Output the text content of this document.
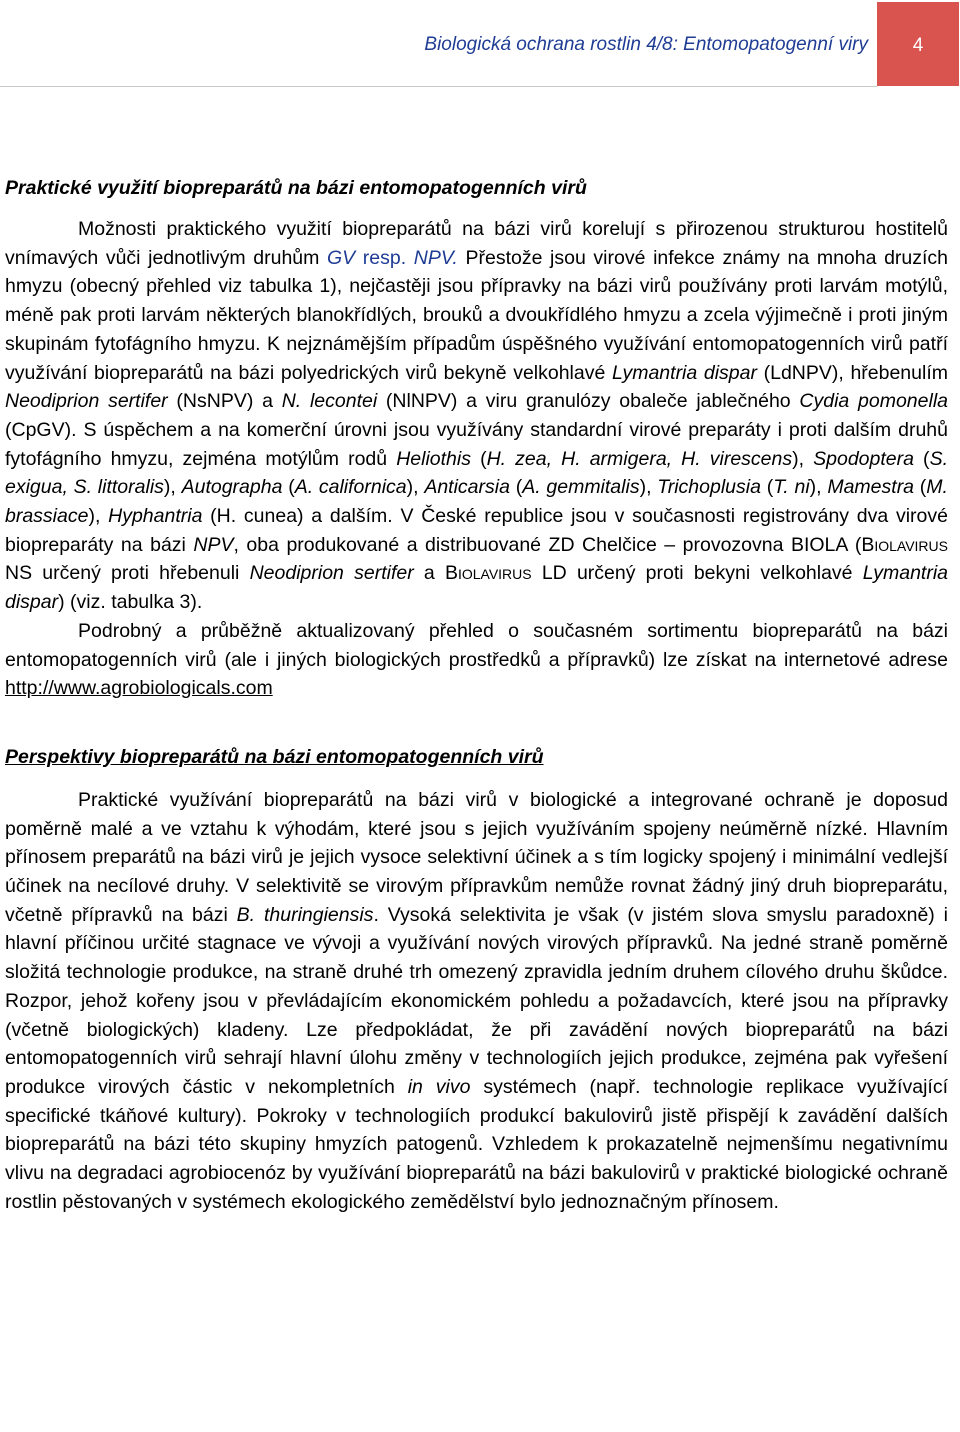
Biologická ochrana rostlin 4/8: Entomopatogenní viry	4
Praktické využití biopreparátů na bázi entomopatogenních virů

Možnosti praktického využití biopreparátů na bázi virů korelují s přirozenou strukturou hostitelů vnímavých vůči jednotlivým druhům GV resp. NPV. Přestože jsou virové infekce známy na mnoha druzích hmyzu (obecný přehled viz tabulka 1), nejčastěji jsou přípravky na bázi virů používány proti larvám motýlů, méně pak proti larvám některých blanokřídlých, brouků a dvoukřídlého hmyzu a zcela výjimečně i proti jiným skupinám fytofágního hmyzu. K nejznámějším případům úspěšného využívání entomopatogenních virů patří využívání biopreparátů na bázi polyedrických virů bekyně velkohlavé Lymantria dispar (LdNPV), hřebenulím Neodiprion sertifer (NsNPV) a N. lecontei (NlNPV) a viru granulózy obaleče jablečného Cydia pomonella (CpGV). S úspěchem a na komerční úrovni jsou využívány standardní virové preparáty i proti dalším druhů fytofágního hmyzu, zejména motýlům rodů Heliothis (H. zea, H. armigera, H. virescens), Spodoptera (S. exigua, S. littoralis), Autographa (A. californica), Anticarsia (A. gemmitalis), Trichoplusia (T. ni), Mamestra (M. brassiace), Hyphantria (H. cunea) a dalším. V České republice jsou v současnosti registrovány dva virové biopreparáty na bázi NPV, oba produkované a distribuované ZD Chelčice – provozovna BIOLA (Biolavirus NS určený proti hřebenuli Neodiprion sertifer a Biolavirus LD určený proti bekyni velkohlavé Lymantria dispar) (viz. tabulka 3).

Podrobný a průběžně aktualizovaný přehled o současném sortimentu biopreparátů na bázi entomopatogenních virů (ale i jiných biologických prostředků a přípravků) lze získat na internetové adrese http://www.agrobiologicals.com

Perspektivy biopreparátů na bázi entomopatogenních virů

Praktické využívání biopreparátů na bázi virů v biologické a integrované ochraně je doposud poměrně malé a ve vztahu k výhodám, které jsou s jejich využíváním spojeny neúměrně nízké. Hlavním přínosem preparátů na bázi virů je jejich vysoce selektivní účinek a s tím logicky spojený i minimální vedlejší účinek na necílové druhy. V selektivitě se virovým přípravkům nemůže rovnat žádný jiný druh biopreparátu, včetně přípravků na bázi B. thuringiensis. Vysoká selektivita je však (v jistém slova smyslu paradoxně) i hlavní příčinou určité stagnace ve vývoji a využívání nových virových přípravků. Na jedné straně poměrně složitá technologie produkce, na straně druhé trh omezený zpravidla jedním druhem cílového druhu škůdce. Rozpor, jehož kořeny jsou v převládajícím ekonomickém pohledu a požadavcích, které jsou na přípravky (včetně biologických) kladeny. Lze předpokládat, že při zavádění nových biopreparátů na bázi entomopatogenních virů sehrají hlavní úlohu změny v technologiích jejich produkce, zejména pak vyřešení produkce virových částic v nekompletních in vivo systémech (např. technologie replikace využívající specifické tkáňové kultury). Pokroky v technologiích produkcí bakulovirů jistě přispějí k zavádění dalších biopreparátů na bázi této skupiny hmyzích patogenů. Vzhledem k prokazatelně nejmenšímu negativnímu vlivu na degradaci agrobiocenóz by využívání biopreparátů na bázi bakulovirů v praktické biologické ochraně rostlin pěstovaných v systémech ekologického zemědělství bylo jednoznačným přínosem.
